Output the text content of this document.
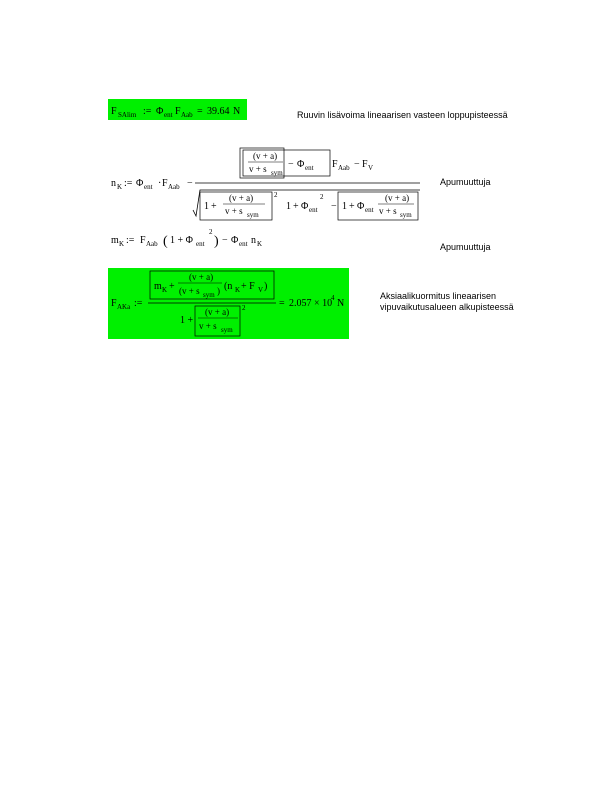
F SAlim := Φ ent F Aab = 39.64 N
n K := Φ ent · F Aab −
(v + a)
v + s sym
− Φ ent F Aab − F V
1 +
(v + a)
v + s sym
2
1 + Φ ent
2
− 1 + Φ ent
(v + a)
v + s sym
m K := F Aab ( 1 + Φ ent
2
) − Φ ent n K
F AKa :=
m K +
(v + a)
(v + s sym ) (n K + F V )
1 +
(v + a)
v + s sym
2	= 2.057 × 10
4 N
Ruuvin lisävoima lineaarisen vasteen loppupisteessä
Apumuuttuja
Apumuuttuja
Aksiaalikuormitus lineaarisen
vipuvaikutusalueen alkupisteessä
